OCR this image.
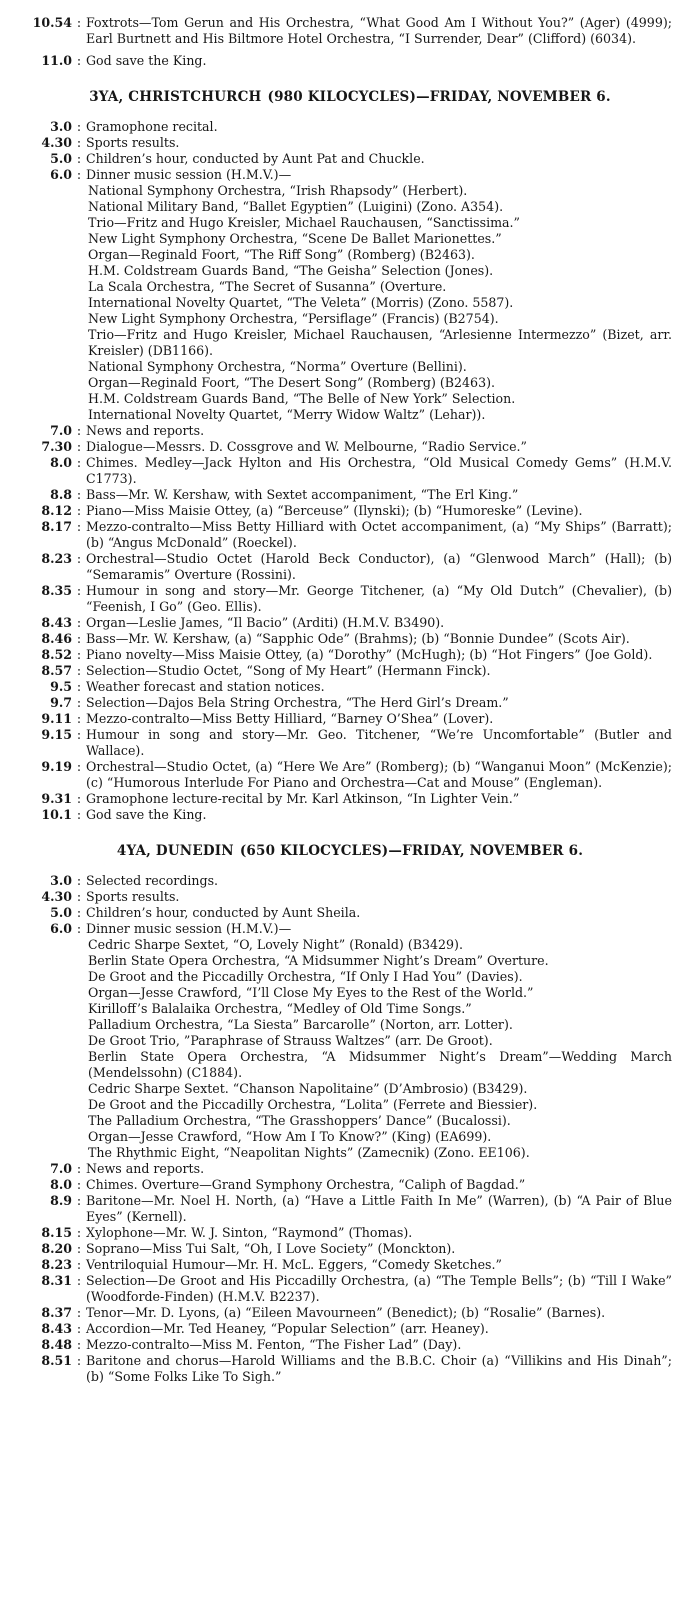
10.54 : Foxtrots—Tom Gerun and His Orchestra, “What Good Am I Without You?” (Ager) (4999); Earl Burtnett and His Biltmore Hotel Orchestra, “I Surrender, Dear” (Clifford) (6034).
11.0 : God save the King.
3YA, CHRISTCHURCH (980 KILOCYCLES)—FRIDAY, NOVEMBER 6.
3.0 : Gramophone recital.
4.30 : Sports results.
5.0 : Children’s hour, conducted by Aunt Pat and Chuckle.
6.0 : Dinner music session (H.M.V.)—
National Symphony Orchestra, “Irish Rhapsody” (Herbert).
National Military Band, “Ballet Egyptien” (Luigini) (Zono. A354).
Trio—Fritz and Hugo Kreisler, Michael Rauchausen, “Sanctissima.”
New Light Symphony Orchestra, “Scene De Ballet Marionettes.”
Organ—Reginald Foort, “The Riff Song” (Romberg) (B2463).
H.M. Coldstream Guards Band, “The Geisha” Selection (Jones).
La Scala Orchestra, “The Secret of Susanna” (Overture.
International Novelty Quartet, “The Veleta” (Morris) (Zono. 5587).
New Light Symphony Orchestra, “Persiflage” (Francis) (B2754).
Trio—Fritz and Hugo Kreisler, Michael Rauchausen, “Arlesienne Intermezzo” (Bizet, arr. Kreisler) (DB1166).
National Symphony Orchestra, “Norma” Overture (Bellini).
Organ—Reginald Foort, “The Desert Song” (Romberg) (B2463).
H.M. Coldstream Guards Band, “The Belle of New York” Selection.
International Novelty Quartet, “Merry Widow Waltz” (Lehar)).
7.0 : News and reports.
7.30 : Dialogue—Messrs. D. Cossgrove and W. Melbourne, “Radio Service.”
8.0 : Chimes. Medley—Jack Hylton and His Orchestra, “Old Musical Comedy Gems” (H.M.V. C1773).
8.8 : Bass—Mr. W. Kershaw, with Sextet accompaniment, “The Erl King.”
8.12 : Piano—Miss Maisie Ottey, (a) “Berceuse” (Ilynski); (b) “Humoreske” (Levine).
8.17 : Mezzo-contralto—Miss Betty Hilliard with Octet accompaniment, (a) “My Ships” (Barratt); (b) “Angus McDonald” (Roeckel).
8.23 : Orchestral—Studio Octet (Harold Beck Conductor), (a) “Glenwood March” (Hall); (b) “Semaramis” Overture (Rossini).
8.35 : Humour in song and story—Mr. George Titchener, (a) “My Old Dutch” (Chevalier), (b) “Feenish, I Go” (Geo. Ellis).
8.43 : Organ—Leslie James, “Il Bacio” (Arditi) (H.M.V. B3490).
8.46 : Bass—Mr. W. Kershaw, (a) “Sapphic Ode” (Brahms); (b) “Bonnie Dundee” (Scots Air).
8.52 : Piano novelty—Miss Maisie Ottey, (a) “Dorothy” (McHugh); (b) “Hot Fingers” (Joe Gold).
8.57 : Selection—Studio Octet, “Song of My Heart” (Hermann Finck).
9.5 : Weather forecast and station notices.
9.7 : Selection—Dajos Bela String Orchestra, “The Herd Girl’s Dream.”
9.11 : Mezzo-contralto—Miss Betty Hilliard, “Barney O’Shea” (Lover).
9.15 : Humour in song and story—Mr. Geo. Titchener, “We’re Uncomfortable” (Butler and Wallace).
9.19 : Orchestral—Studio Octet, (a) “Here We Are” (Romberg); (b) “Wanganui Moon” (McKenzie); (c) “Humorous Interlude For Piano and Orchestra—Cat and Mouse” (Engleman).
9.31 : Gramophone lecture-recital by Mr. Karl Atkinson, “In Lighter Vein.”
10.1 : God save the King.
4YA, DUNEDIN (650 KILOCYCLES)—FRIDAY, NOVEMBER 6.
3.0 : Selected recordings.
4.30 : Sports results.
5.0 : Children’s hour, conducted by Aunt Sheila.
6.0 : Dinner music session (H.M.V.)—
Cedric Sharpe Sextet, “O, Lovely Night” (Ronald) (B3429).
Berlin State Opera Orchestra, “A Midsummer Night’s Dream” Overture.
De Groot and the Piccadilly Orchestra, “If Only I Had You” (Davies).
Organ—Jesse Crawford, “I’ll Close My Eyes to the Rest of the World.”
Kirilloff’s Balalaika Orchestra, “Medley of Old Time Songs.”
Palladium Orchestra, “La Siesta” Barcarolle” (Norton, arr. Lotter).
De Groot Trio, ”Paraphrase of Strauss Waltzes” (arr. De Groot).
Berlin State Opera Orchestra, “A Midsummer Night’s Dream”—Wedding March (Mendelssohn) (C1884).
Cedric Sharpe Sextet. “Chanson Napolitaine” (D’Ambrosio) (B3429).
De Groot and the Piccadilly Orchestra, “Lolita” (Ferrete and Biessier).
The Palladium Orchestra, “The Grasshoppers’ Dance” (Bucalossi).
Organ—Jesse Crawford, “How Am I To Know?” (King) (EA699).
The Rhythmic Eight, “Neapolitan Nights” (Zamecnik) (Zono. EE106).
7.0 : News and reports.
8.0 : Chimes. Overture—Grand Symphony Orchestra, “Caliph of Bagdad.”
8.9 : Baritone—Mr. Noel H. North, (a) “Have a Little Faith In Me” (Warren), (b) “A Pair of Blue Eyes” (Kernell).
8.15 : Xylophone—Mr. W. J. Sinton, “Raymond” (Thomas).
8.20 : Soprano—Miss Tui Salt, “Oh, I Love Society” (Monckton).
8.23 : Ventriloquial Humour—Mr. H. McL. Eggers, “Comedy Sketches.”
8.31 : Selection—De Groot and His Piccadilly Orchestra, (a) “The Temple Bells”; (b) “Till I Wake” (Woodforde-Finden) (H.M.V. B2237).
8.37 : Tenor—Mr. D. Lyons, (a) “Eileen Mavourneen” (Benedict); (b) “Rosalie” (Barnes).
8.43 : Accordion—Mr. Ted Heaney, “Popular Selection” (arr. Heaney).
8.48 : Mezzo-contralto—Miss M. Fenton, “The Fisher Lad” (Day).
8.51 : Baritone and chorus—Harold Williams and the B.B.C. Choir (a) “Villikins and His Dinah”; (b) “Some Folks Like To Sigh.”
